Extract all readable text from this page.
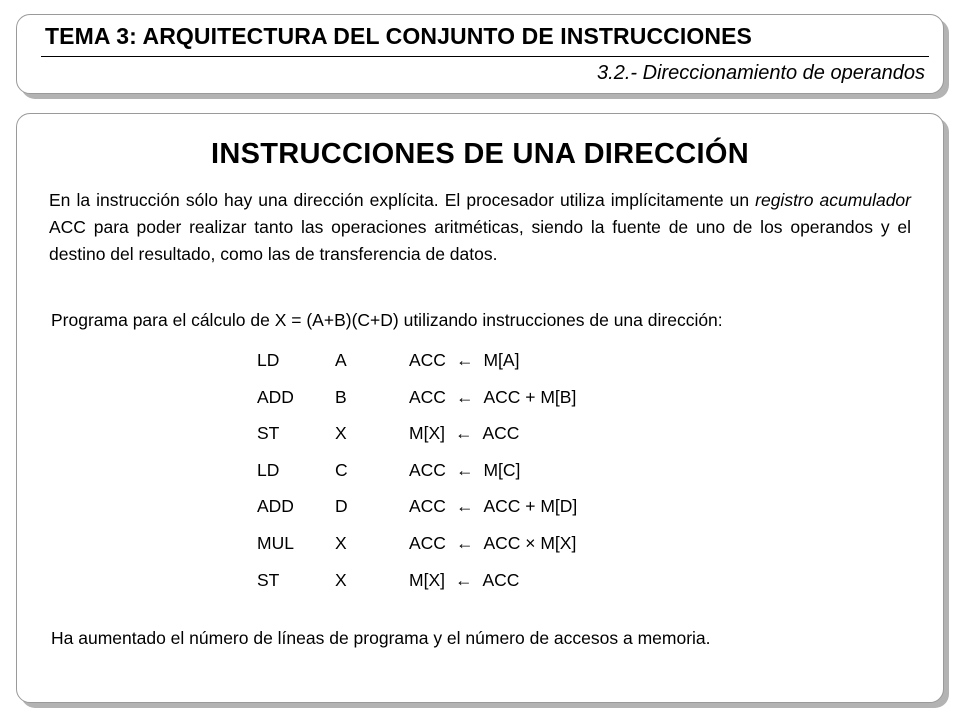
TEMA 3: ARQUITECTURA DEL CONJUNTO DE INSTRUCCIONES
3.2.- Direccionamiento de operandos
INSTRUCCIONES DE UNA DIRECCIÓN

En la instrucción sólo hay una dirección explícita. El procesador utiliza implícitamente un registro acumulador ACC para poder realizar tanto las operaciones aritméticas, siendo la fuente de uno de los operandos y el destino del resultado, como las de transferencia de datos.

Programa para el cálculo de X = (A+B)(C+D) utilizando instrucciones de una dirección:
LD	A	ACC ← M[A]
ADD B	ACC ← ACC + M[B]
ST	X	M[X] ← ACC
LD	C	ACC ← M[C]
ADD D	ACC ← ACC + M[D]
MUL X	ACC ← ACC × M[X]
ST	X	M[X] ← ACC
Ha aumentado el número de líneas de programa y el número de accesos a memoria.
